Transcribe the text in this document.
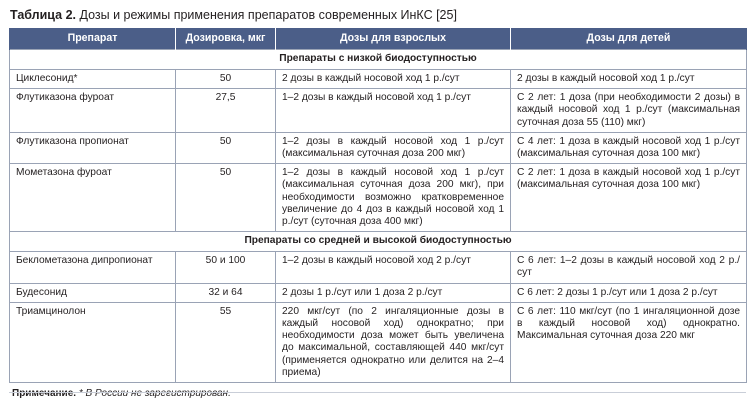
Таблица 2. Дозы и режимы применения препаратов современных ИнКС [25]
Препарат	Дозировка, мкг	Дозы для взрослых	Дозы для детей
Препараты с низкой биодоступностью			
Циклесонид*	50	2 дозы в каждый носовой ход 1 р./сут	2 дозы в каждый носовой ход 1 р./сут
Флутиказона фуроат	27,5	1–2 дозы в каждый носовой ход 1 р./сут	С 2 лет: 1 доза (при необходимости 2 дозы) в каждый носовой ход 1 р./сут (максимальная суточная доза 55 (110) мкг)
Флутиказона пропионат	50	1–2 дозы в каждый носовой ход 1 р./сут (максимальная суточная доза 200 мкг)	С 4 лет: 1 доза в каждый носовой ход 1 р./сут (максимальная суточная доза 100 мкг)
Мометазона фуроат	50	1–2 дозы в каждый носовой ход 1 р./сут (максимальная суточная доза 200 мкг), при необходимости возможно кратковременное увеличение до 4 доз в каждый носовой ход 1 р./сут (суточная доза 400 мкг)	С 2 лет: 1 доза в каждый носовой ход 1 р./сут (максимальная суточная доза 100 мкг)
Препараты со средней и высокой биодоступностью			
Беклометазона дипропионат	50 и 100	1–2 дозы в каждый носовой ход 2 р./сут	С 6 лет: 1–2 дозы в каждый носовой ход 2 р./сут
Будесонид	32 и 64	2 дозы 1 р./сут или 1 доза 2 р./сут	С 6 лет: 2 дозы 1 р./сут или 1 доза 2 р./сут
Триамцинолон	55	220 мкг/сут (по 2 ингаляционные дозы в каждый носовой ход) однократно; при необходимости доза может быть увеличена до максимальной, составляющей 440 мкг/сут (применяется однократно или делится на 2–4 приема)	С 6 лет: 110 мкг/сут (по 1 ингаляционной дозе в каждый носовой ход) однократно. Максимальная суточная доза 220 мкг
Примечание. * В России не зарегистрирован.
